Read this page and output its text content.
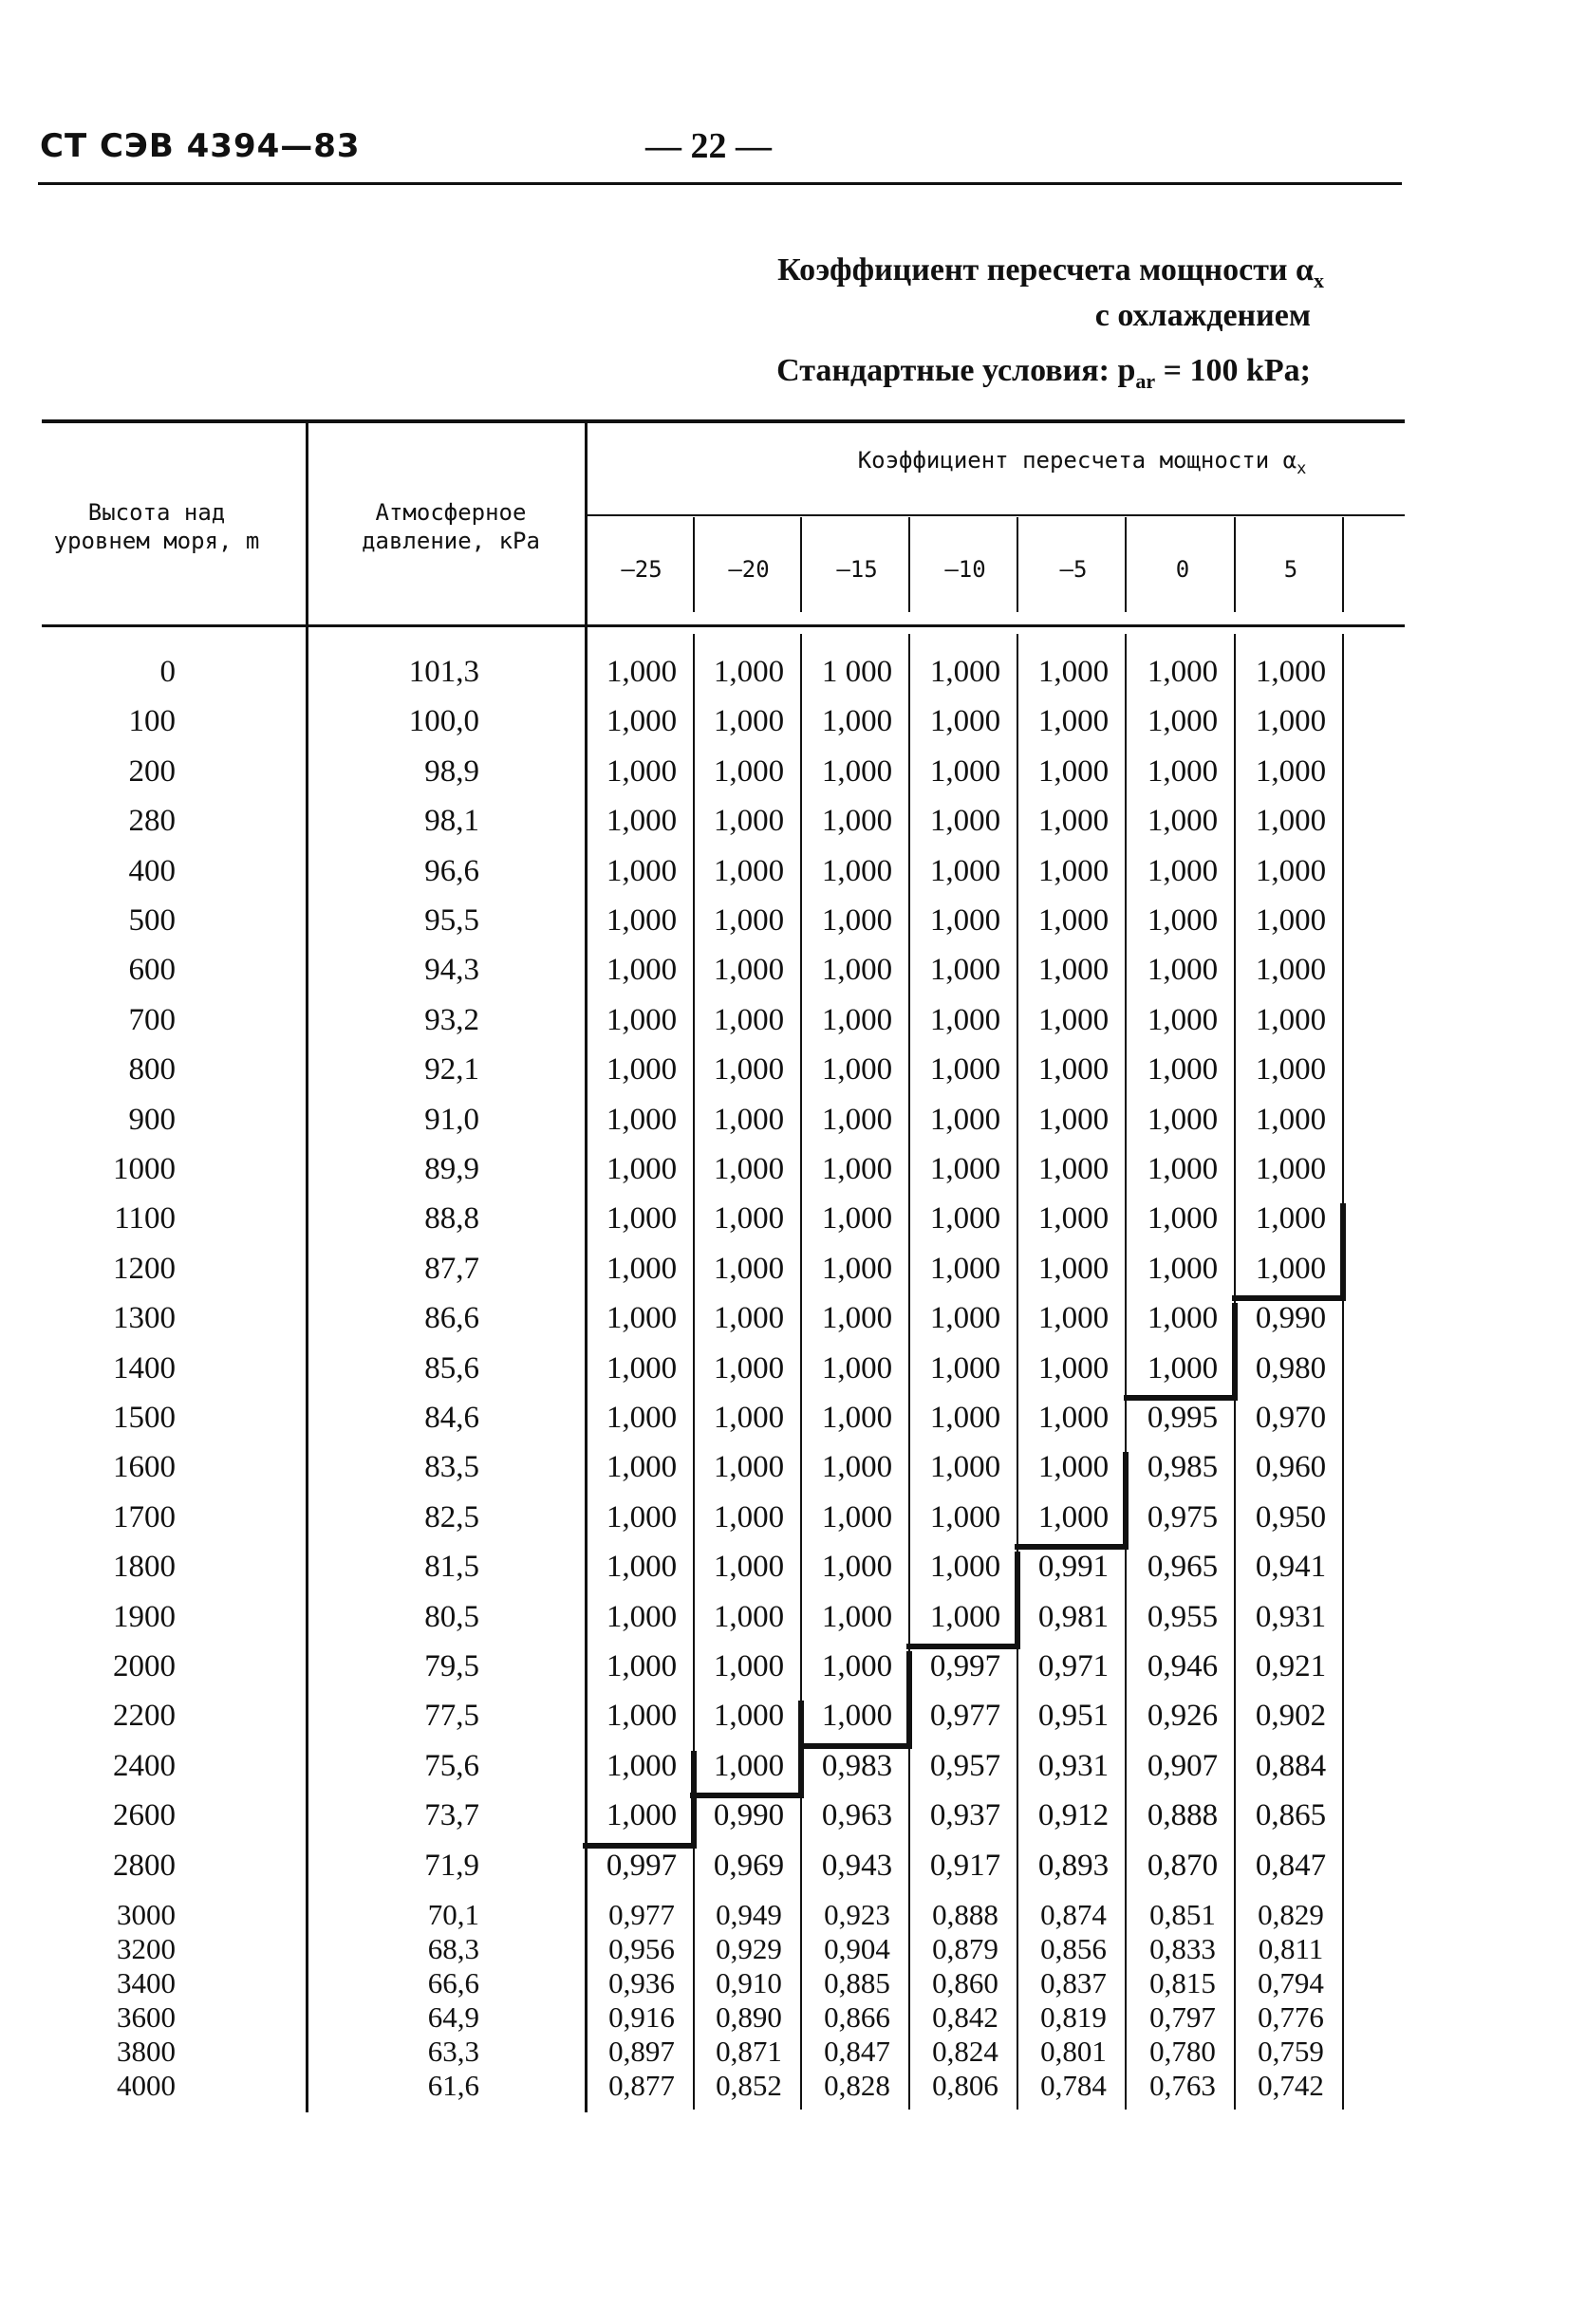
СТ СЭВ 4394—83	— 22 —
Коэффициент пересчета мощности $\alpha_x$
с охлаждением
Стандартные условия: $p_{ar} = 100$ kPa;
Высота над уровнем моря, m
Атмосферное давление, кPa
Коэффициент пересчета мощности $\alpha_x$
—25	—20	—15	—10	—5	0	5
0	101,3	1,000	1,000	1 000	1,000	1,000	1,000	1,000
100	100,0	1,000	1,000	1,000	1,000	1,000	1,000	1,000
200	98,9	1,000	1,000	1,000	1,000	1,000	1,000	1,000
280	98,1	1,000	1,000	1,000	1,000	1,000	1,000	1,000
400	96,6	1,000	1,000	1,000	1,000	1,000	1,000	1,000
500	95,5	1,000	1,000	1,000	1,000	1,000	1,000	1,000
600	94,3	1,000	1,000	1,000	1,000	1,000	1,000	1,000
700	93,2	1,000	1,000	1,000	1,000	1,000	1,000	1,000
800	92,1	1,000	1,000	1,000	1,000	1,000	1,000	1,000
900	91,0	1,000	1,000	1,000	1,000	1,000	1,000	1,000
1000	89,9	1,000	1,000	1,000	1,000	1,000	1,000	1,000
1100	88,8	1,000	1,000	1,000	1,000	1,000	1,000	1,000
1200	87,7	1,000	1,000	1,000	1,000	1,000	1,000	1,000
1300	86,6	1,000	1,000	1,000	1,000	1,000	1,000	0,990
1400	85,6	1,000	1,000	1,000	1,000	1,000	1,000	0,980
1500	84,6	1,000	1,000	1,000	1,000	1,000	0,995	0,970
1600	83,5	1,000	1,000	1,000	1,000	1,000	0,985	0,960
1700	82,5	1,000	1,000	1,000	1,000	1,000	0,975	0,950
1800	81,5	1,000	1,000	1,000	1,000	0,991	0,965	0,941
1900	80,5	1,000	1,000	1,000	1,000	0,981	0,955	0,931
2000	79,5	1,000	1,000	1,000	0,997	0,971	0,946	0,921
2200	77,5	1,000	1,000	1,000	0,977	0,951	0,926	0,902
2400	75,6	1,000	1,000	0,983	0,957	0,931	0,907	0,884
2600	73,7	1,000	0,990	0,963	0,937	0,912	0,888	0,865
2800	71,9	0,997	0,969	0,943	0,917	0,893	0,870	0,847
3000	70,1	0,977	0,949	0,923	0,888	0,874	0,851	0,829
3200	68,3	0,956	0,929	0,904	0,879	0,856	0,833	0,811
3400	66,6	0,936	0,910	0,885	0,860	0,837	0,815	0,794
3600	64,9	0,916	0,890	0,866	0,842	0,819	0,797	0,776
3800	63,3	0,897	0,871	0,847	0,824	0,801	0,780	0,759
4000	61,6	0,877	0,852	0,828	0,806	0,784	0,763	0,742
